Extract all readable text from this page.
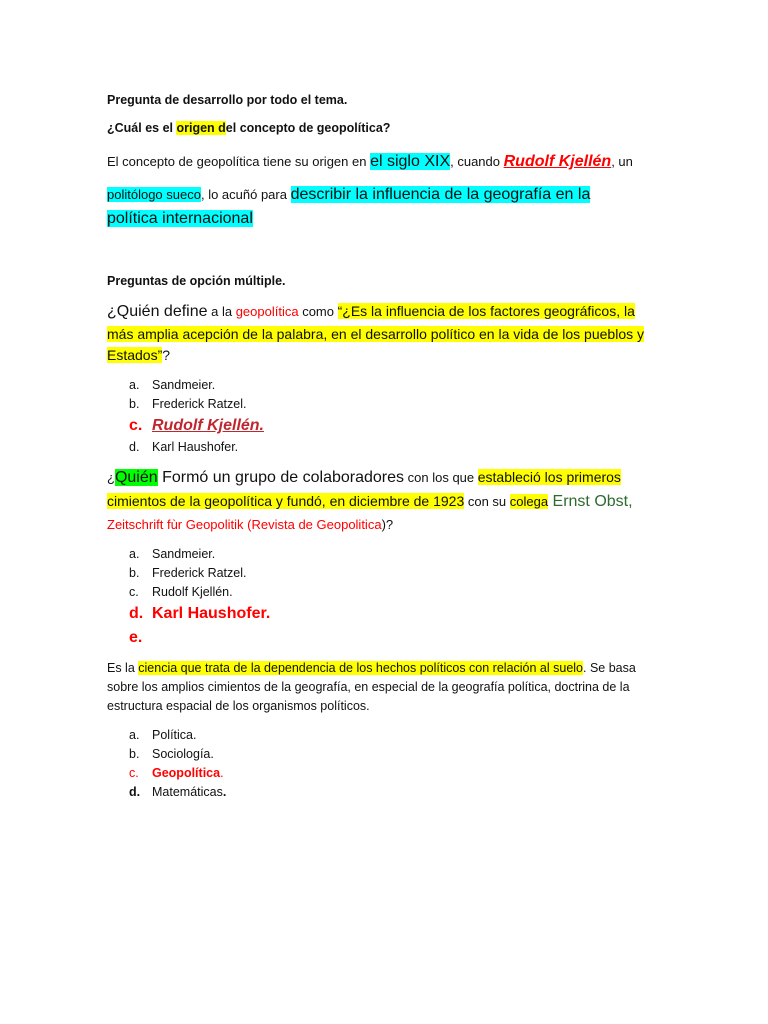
Pregunta de desarrollo por todo el tema.
¿Cuál es el origen del concepto de geopolítica?
El concepto de geopolítica tiene su origen en el siglo XIX, cuando Rudolf Kjellén, un
politólogo sueco, lo acuñó para describir la influencia de la geografía en la
política internacional
Preguntas de opción múltiple.
¿Quién define a la geopolítica como “¿Es la influencia de los factores geográficos, la
más amplia acepción de la palabra, en el desarrollo político en la vida de los pueblos y
Estados”?
a. Sandmeier.
b. Frederick Ratzel.
c. Rudolf Kjellén.
d. Karl Haushofer.
¿Quién Formó un grupo de colaboradores con los que estableció los primeros
cimientos de la geopolítica y fundó, en diciembre de 1923 con su colega Ernst Obst,
Zeitschrift fùr Geopolitik (Revista de Geopolitica)?
a. Sandmeier.
b. Frederick Ratzel.
c. Rudolf Kjellén.
d. Karl Haushofer.
e.
Es la ciencia que trata de la dependencia de los hechos políticos con relación al suelo. Se basa sobre los amplios cimientos de la geografía, en especial de la geografía política, doctrina de la estructura espacial de los organismos políticos.
a. Política.
b. Sociología.
c. Geopolítica.
d. Matemáticas.
